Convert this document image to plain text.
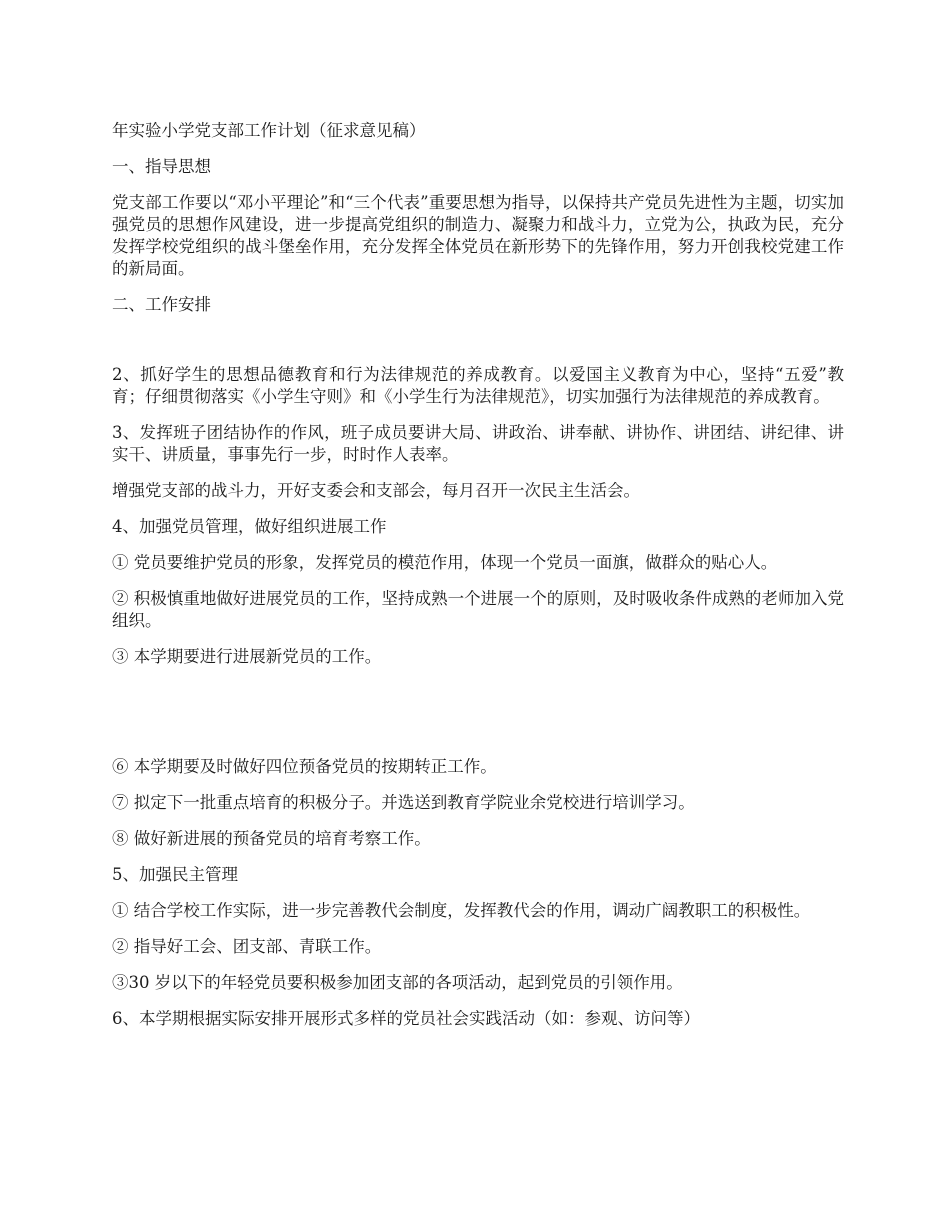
年实验小学党支部工作计划（征求意见稿）

一、指导思想

党支部工作要以“邓小平理论”和“三个代表”重要思想为指导，以保持共产党员先进性为主题，切实加强党员的思想作风建设，进一步提高党组织的制造力、凝聚力和战斗力，立党为公，执政为民，充分发挥学校党组织的战斗堡垒作用，充分发挥全体党员在新形势下的先锋作用，努力开创我校党建工作的新局面。

二、工作安排

2、抓好学生的思想品德教育和行为法律规范的养成教育。以爱国主义教育为中心，坚持“五爱”教育；仔细贯彻落实《小学生守则》和《小学生行为法律规范》，切实加强行为法律规范的养成教育。

3、发挥班子团结协作的作风，班子成员要讲大局、讲政治、讲奉献、讲协作、讲团结、讲纪律、讲实干、讲质量，事事先行一步，时时作人表率。

增强党支部的战斗力，开好支委会和支部会，每月召开一次民主生活会。

4、加强党员管理，做好组织进展工作

① 党员要维护党员的形象，发挥党员的模范作用，体现一个党员一面旗，做群众的贴心人。

② 积极慎重地做好进展党员的工作，坚持成熟一个进展一个的原则，及时吸收条件成熟的老师加入党组织。

③ 本学期要进行进展新党员的工作。

⑥ 本学期要及时做好四位预备党员的按期转正工作。

⑦ 拟定下一批重点培育的积极分子。并选送到教育学院业余党校进行培训学习。

⑧ 做好新进展的预备党员的培育考察工作。

5、加强民主管理

① 结合学校工作实际，进一步完善教代会制度，发挥教代会的作用，调动广阔教职工的积极性。

② 指导好工会、团支部、青联工作。

③30 岁以下的年轻党员要积极参加团支部的各项活动，起到党员的引领作用。

6、本学期根据实际安排开展形式多样的党员社会实践活动（如：参观、访问等）
